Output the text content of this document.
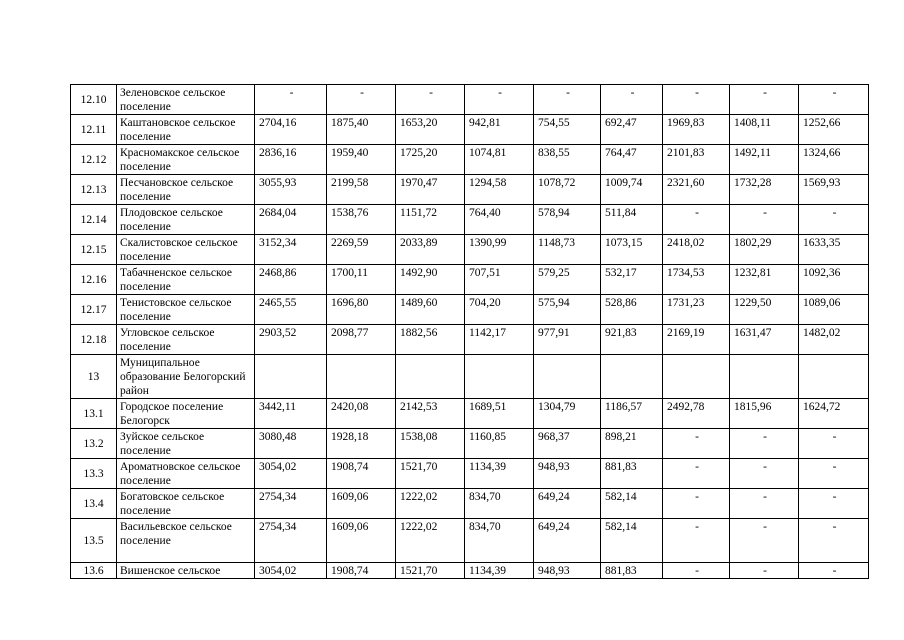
12.10	Зеленовское сельское поселение	-	-	-	-	-	-	-	-	-
12.11	Каштановское сельское поселение	2704,16	1875,40	1653,20	942,81	754,55	692,47	1969,83	1408,11	1252,66
12.12	Красномакское сельское поселение	2836,16	1959,40	1725,20	1074,81	838,55	764,47	2101,83	1492,11	1324,66
12.13	Песчановское сельское поселение	3055,93	2199,58	1970,47	1294,58	1078,72	1009,74	2321,60	1732,28	1569,93
12.14	Плодовское сельское поселение	2684,04	1538,76	1151,72	764,40	578,94	511,84	-	-	-
12.15	Скалистовское сельское поселение	3152,34	2269,59	2033,89	1390,99	1148,73	1073,15	2418,02	1802,29	1633,35
12.16	Табачненское сельское поселение	2468,86	1700,11	1492,90	707,51	579,25	532,17	1734,53	1232,81	1092,36
12.17	Тенистовское сельское поселение	2465,55	1696,80	1489,60	704,20	575,94	528,86	1731,23	1229,50	1089,06
12.18	Угловское сельское поселение	2903,52	2098,77	1882,56	1142,17	977,91	921,83	2169,19	1631,47	1482,02
13	Муниципальное образование Белогорский район									
13.1	Городское поселение Белогорск	3442,11	2420,08	2142,53	1689,51	1304,79	1186,57	2492,78	1815,96	1624,72
13.2	Зуйское сельское поселение	3080,48	1928,18	1538,08	1160,85	968,37	898,21	-	-	-
13.3	Ароматновское сельское поселение	3054,02	1908,74	1521,70	1134,39	948,93	881,83	-	-	-
13.4	Богатовское сельское поселение	2754,34	1609,06	1222,02	834,70	649,24	582,14	-	-	-
13.5	Васильевское сельское поселение	2754,34	1609,06	1222,02	834,70	649,24	582,14	-	-	-
13.6	Вишенское сельское	3054,02	1908,74	1521,70	1134,39	948,93	881,83	-	-	-
